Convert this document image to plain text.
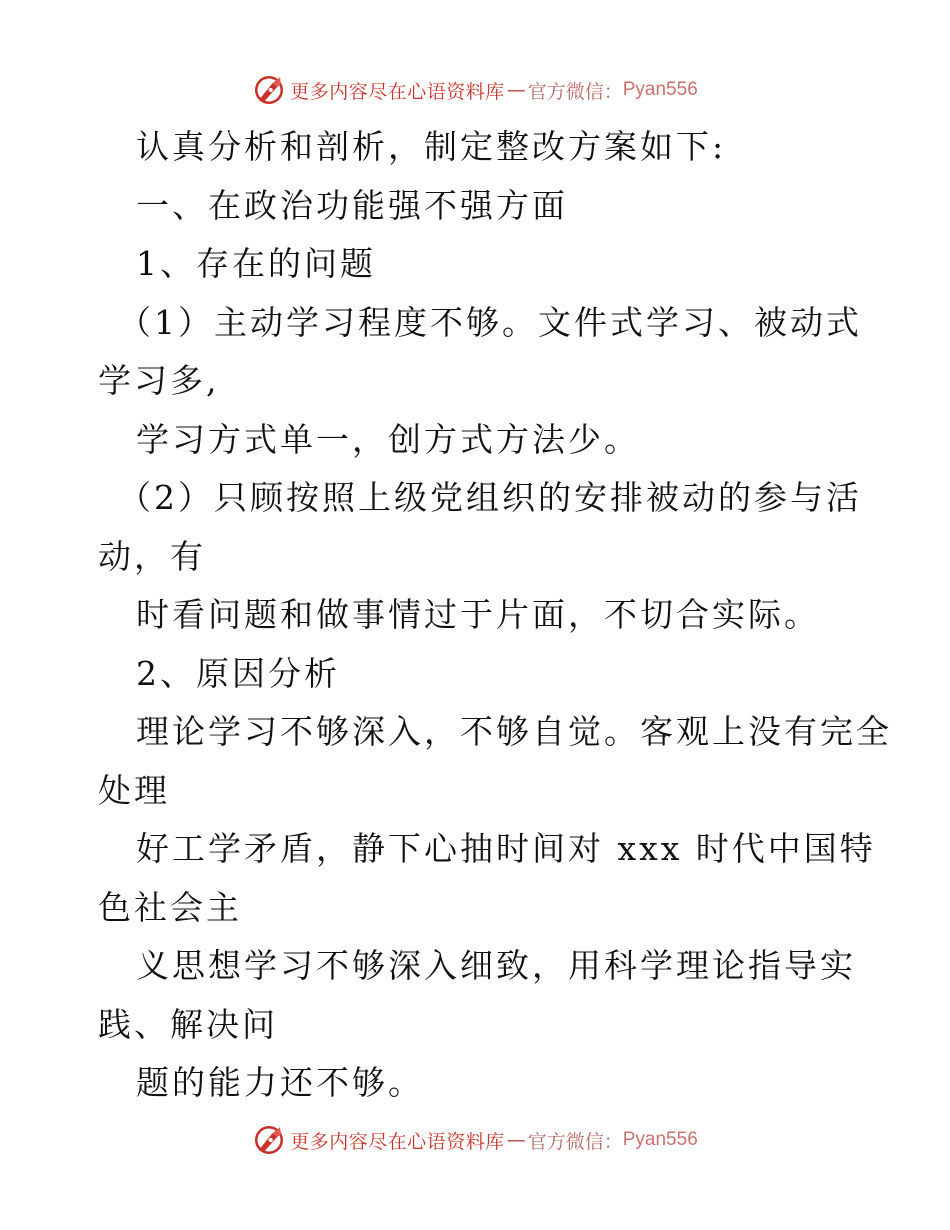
更多内容尽在心语资料库 — 官方微信： Pyan556
认真分析和剖析，制定整改方案如下:
一、在政治功能强不强方面
1、存在的问题
（1）主动学习程度不够。文件式学习、被动式
学习多,
学习方式单一，创方式方法少。
（2）只顾按照上级党组织的安排被动的参与活
动，有
时看问题和做事情过于片面，不切合实际。
2、原因分析
理论学习不够深入，不够自觉。客观上没有完全
处理
好工学矛盾，静下心抽时间对 xxx 时代中国特
色社会主
义思想学习不够深入细致，用科学理论指导实
践、解决问
题的能力还不够。
更多内容尽在心语资料库 — 官方微信： Pyan556
